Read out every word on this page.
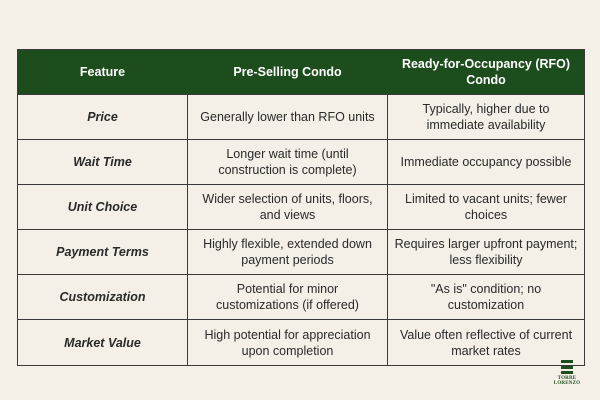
Feature	Pre-Selling Condo
Ready-for-Occupancy (RFO) Condo
Price	Generally lower than RFO units
Typically, higher due to immediate availability
Wait Time
Longer wait time (until construction is complete)
Immediate occupancy possible
Unit Choice
Wider selection of units, floors, and views
Limited to vacant units; fewer choices
Payment Terms
Highly flexible, extended down payment periods
Requires larger upfront payment; less flexibility
Customization
Potential for minor customizations (if offered)
"As is" condition; no customization
Market Value
High potential for appreciation upon completion
Value often reflective of current market rates
TORRE
LORENZO
